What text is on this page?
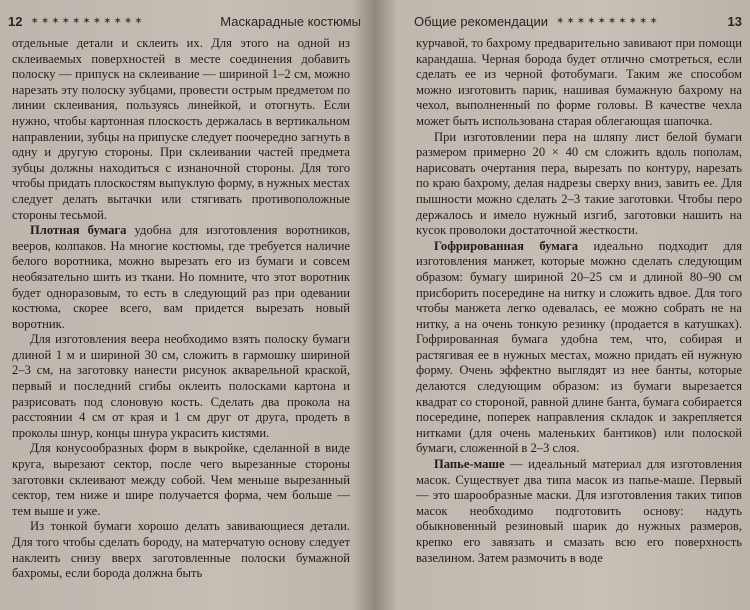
12 ✶✶✶✶✶✶✶✶✶✶✶	Маскарадные костюмы

отдельные детали и склеить их. Для этого на одной из склеиваемых поверхностей в месте соединения добавить полоску — припуск на склеивание — шириной 1–2 см, можно нарезать эту полоску зубцами, провести острым предметом по линии склеивания, пользуясь линейкой, и отогнуть. Если нужно, чтобы картонная плоскость держалась в вертикальном направлении, зубцы на припуске следует поочередно загнуть в одну и другую стороны. При склеивании частей предмета зубцы должны находиться с изнаночной стороны. Для того чтобы придать плоскостям выпуклую форму, в нужных местах следует делать вытачки или стягивать противоположные стороны тесьмой.

Плотная бумага удобна для изготовления воротников, вееров, колпаков. На многие костюмы, где требуется наличие белого воротника, можно вырезать его из бумаги и совсем необязательно шить из ткани. Но помните, что этот воротник будет одноразовым, то есть в следующий раз при одевании костюма, скорее всего, вам придется вырезать новый воротник.

Для изготовления веера необходимо взять полоску бумаги длиной 1 м и шириной 30 см, сложить в гармошку шириной 2–3 см, на заготовку нанести рисунок акварельной краской, первый и последний сгибы оклеить полосками картона и разрисовать под слоновую кость. Сделать два прокола на расстоянии 4 см от края и 1 см друг от друга, продеть в проколы шнур, концы шнура украсить кистями.

Для конусообразных форм в выкройке, сделанной в виде круга, вырезают сектор, после чего вырезанные стороны заготовки склеивают между собой. Чем меньше вырезанный сектор, тем ниже и шире получается форма, чем больше — тем выше и уже.

Из тонкой бумаги хорошо делать завивающиеся детали. Для того чтобы сделать бороду, на матерчатую основу следует наклеить снизу вверх заготовленные полоски бумажной бахромы, если борода должна быть

Общие рекомендации ✶✶✶✶✶✶✶✶✶✶	13

курчавой, то бахрому предварительно завивают при помощи карандаша. Черная борода будет отлично смотреться, если сделать ее из черной фотобумаги. Таким же способом можно изготовить парик, нашивая бумажную бахрому на чехол, выполненный по форме головы. В качестве чехла может быть использована старая облегающая шапочка.

При изготовлении пера на шляпу лист белой бумаги размером примерно 20 × 40 см сложить вдоль пополам, нарисовать очертания пера, вырезать по контуру, нарезать по краю бахрому, делая надрезы сверху вниз, завить ее. Для пышности можно сделать 2–3 такие заготовки. Чтобы перо держалось и имело нужный изгиб, заготовки нашить на кусок проволоки достаточной жесткости.

Гофрированная бумага идеально подходит для изготовления манжет, которые можно сделать следующим образом: бумагу шириной 20–25 см и длиной 80–90 см присборить посередине на нитку и сложить вдвое. Для того чтобы манжета легко одевалась, ее можно собрать не на нитку, а на очень тонкую резинку (продается в катушках). Гофрированная бумага удобна тем, что, собирая и растягивая ее в нужных местах, можно придать ей нужную форму. Очень эффектно выглядят из нее банты, которые делаются следующим образом: из бумаги вырезается квадрат со стороной, равной длине банта, бумага собирается посередине, поперек направления складок и закрепляется нитками (для очень маленьких бантиков) или полоской бумаги, сложенной в 2–3 слоя.

Папье-маше — идеальный материал для изготовления масок. Существует два типа масок из папье-маше. Первый — это шарообразные маски. Для изготовления таких типов масок необходимо подготовить основу: надуть обыкновенный резиновый шарик до нужных размеров, крепко его завязать и смазать всю его поверхность вазелином. Затем размочить в воде
